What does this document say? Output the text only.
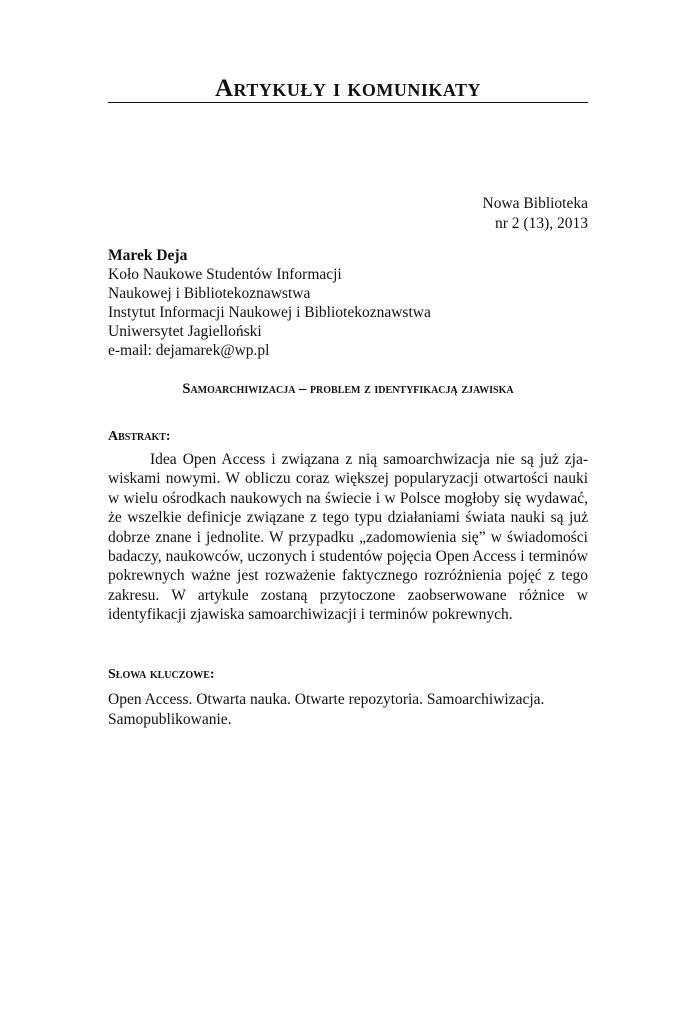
Artykuły i komunikaty
Nowa Biblioteka
nr 2 (13), 2013
Marek Deja
Koło Naukowe Studentów Informacji
Naukowej i Bibliotekoznawstwa
Instytut Informacji Naukowej i Bibliotekoznawstwa
Uniwersytet Jagielloński
e-mail: dejamarek@wp.pl
Samoarchiwizacja – problem z identyfikacją zjawiska
Abstrakt:
Idea Open Access i związana z nią samoarchwizacja nie są już zjawiskami nowymi. W obliczu coraz większej popularyzacji otwartości nauki w wielu ośrodkach naukowych na świecie i w Polsce mogłoby się wydawać, że wszelkie definicje związane z tego typu działaniami świata nauki są już dobrze znane i jednolite. W przypadku „zadomowienia się” w świadomości badaczy, naukowców, uczonych i studentów pojęcia Open Access i terminów pokrewnych ważne jest rozważenie faktycznego rozróżnienia pojęć z tego zakresu. W artykule zostaną przytoczone zaobserwowane różnice w identyfikacji zjawiska samoarchiwizacji i terminów pokrewnych.
Słowa kluczowe:
Open Access. Otwarta nauka. Otwarte repozytoria. Samoarchiwizacja. Samopublikowanie.
